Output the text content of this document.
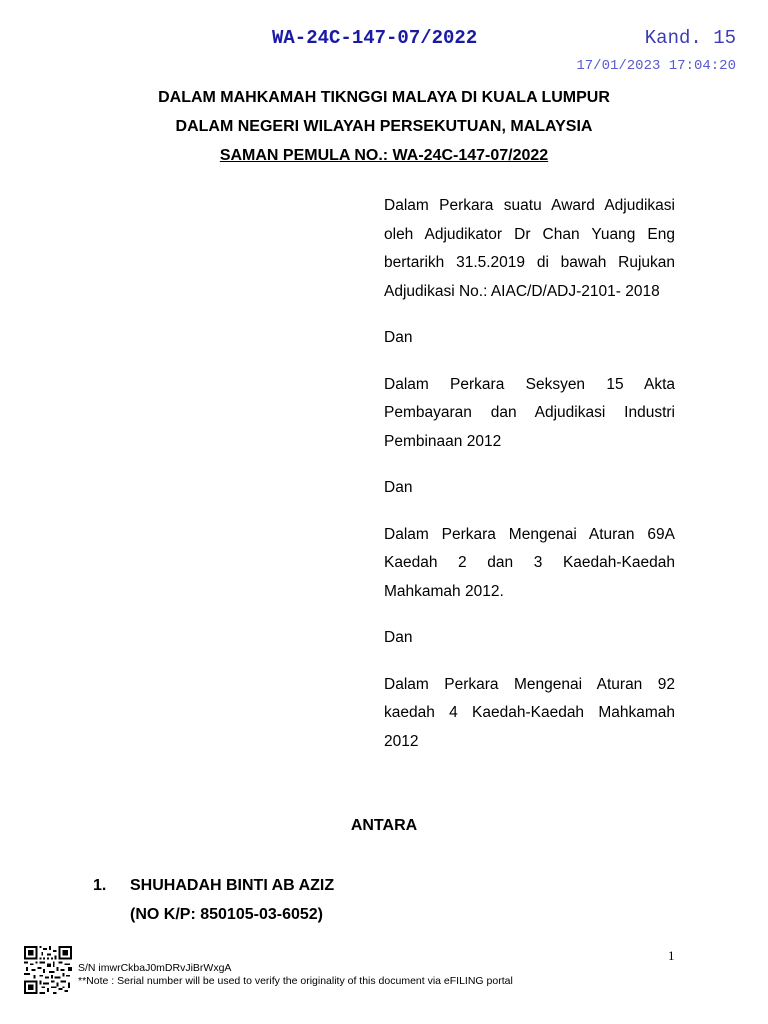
WA-24C-147-07/2022	Kand. 15
17/01/2023 17:04:20
DALAM MAHKAMAH TIKNGGI MALAYA DI KUALA LUMPUR
DALAM NEGERI WILAYAH PERSEKUTUAN, MALAYSIA
SAMAN PEMULA NO.: WA-24C-147-07/2022

Dalam Perkara suatu Award Adjudikasi oleh Adjudikator Dr Chan Yuang Eng bertarikh 31.5.2019 di bawah Rujukan Adjudikasi No.: AIAC/D/ADJ-2101- 2018

Dan

Dalam Perkara Seksyen 15 Akta Pembayaran dan Adjudikasi Industri Pembinaan 2012

Dan

Dalam Perkara Mengenai Aturan 69A Kaedah 2 dan 3 Kaedah-Kaedah Mahkamah 2012.

Dan

Dalam Perkara Mengenai Aturan 92 kaedah 4 Kaedah-Kaedah Mahkamah 2012

ANTARA
1. SHUHADAH BINTI AB AZIZ
(NO K/P: 850105-03-6052)
1
S/N imwrCkbaJ0mDRvJiBrWxgA
**Note : Serial number will be used to verify the originality of this document via eFILING portal
